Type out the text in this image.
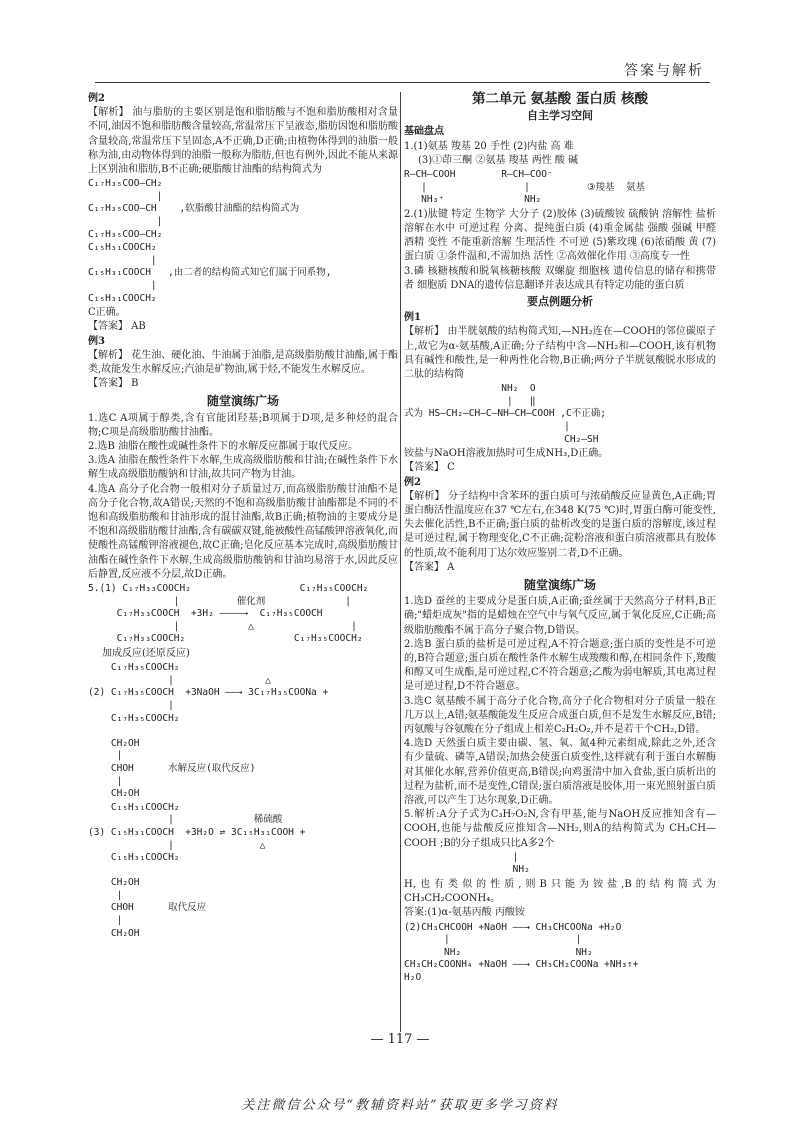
答案与解析

例2

【解析】 油与脂肪的主要区别是饱和脂肪酸与不饱和脂肪酸相对含量不同,油因不饱和脂肪酸含量较高,常温常压下呈液态,脂肪因饱和脂肪酸含量较高,常温常压下呈固态,A不正确,D正确;由植物体得到的油脂一般称为油,由动物体得到的油脂一般称为脂肪,但也有例外,因此不能从来源上区别油和脂肪,B不正确;硬脂酸甘油酯的结构简式为

C₁₇H₃₅COO—CH₂
|
C₁₇H₃₅COO—CH    ,软脂酸甘油酯的结构简式为
|
C₁₇H₃₅COO—CH₂
C₁₅H₃₁COOCH₂
|
C₁₅H₃₁COOCH   ,由二者的结构简式知它们属于同系物,
|
C₁₅H₃₁COOCH₂

C正确。

【答案】 AB

例3

【解析】 花生油、硬化油、牛油属于油脂,是高级脂肪酸甘油酯,属于酯类,故能发生水解反应;汽油是矿物油,属于烃,不能发生水解反应。

【答案】 B

随堂演练广场

1.选C A项属于醇类,含有官能团羟基;B项属于D项,是多种烃的混合物;C项是高级脂肪酸甘油酯。

2.选B 油脂在酸性或碱性条件下的水解反应都属于取代反应。

3.选A 油脂在酸性条件下水解,生成高级脂肪酸和甘油;在碱性条件下水解生成高级脂肪酸钠和甘油,故共同产物为甘油。

4.选A 高分子化合物一般相对分子质量过万,而高级脂肪酸甘油酯不是高分子化合物,故A错误;天然的不饱和高级脂肪酸甘油酯都是不同的不饱和高级脂肪酸和甘油形成的混甘油酯,故B正确;植物油的主要成分是不饱和高级脂肪酸甘油酯,含有碳碳双键,能被酸性高锰酸钾溶液氧化,而使酸性高锰酸钾溶液褪色,故C正确;皂化反应基本完成时,高级脂肪酸甘油酯在碱性条件下水解,生成高级脂肪酸钠和甘油均易溶于水,因此反应后静置,反应液不分层,故D正确。

5.(1) C₁₇H₃₃COOCH₂                   C₁₇H₃₅COOCH₂
|          催化剂              |
C₁₇H₃₃COOCH  +3H₂ ————→  C₁₇H₃₅COOCH
|            △                 |
C₁₇H₃₃COOCH₂                   C₁₇H₃₅COOCH₂

加成反应(还原反应)

C₁₇H₃₅COOCH₂
|                △
(2) C₁₇H₃₅COOCH  +3NaOH ——→ 3C₁₇H₃₅COONa +
|
C₁₇H₃₅COOCH₂

CH₂OH
|
CHOH      水解反应(取代反应)
|
CH₂OH
C₁₅H₃₁COOCH₂
|              稀硫酸
(3) C₁₅H₃₁COOCH  +3H₂O ⇌ 3C₁₅H₃₁COOH +
|               △
C₁₅H₃₁COOCH₂

CH₂OH
|
CHOH      取代反应
|
CH₂OH
第二单元 氨基酸 蛋白质 核酸
自主学习空间

基础盘点

1.(1)氨基 羧基 20 手性 (2)内盐 高 难

(3)①茚三酮 ②氨基 羧基 两性 酸 碱

R—CH—COOH        R—CH—COO⁻
|                 |          ③羧基  氨基
NH₃⁺              NH₂

2.(1)肽键 特定 生物学 大分子 (2)胶体 (3)硫酸铵 硫酸钠 溶解性 盐析 溶解在水中 可逆过程 分离、提纯蛋白质 (4)重金属盐 强酸 强碱 甲醛 酒精 变性 不能重新溶解 生理活性 不可逆 (5)紫玫瑰 (6)浓硝酸 黄 (7)蛋白质 ①条件温和,不需加热 活性 ②高效催化作用 ③高度专一性

3.磷 核糖核酸和脱氧核糖核酸 双螺旋 细胞核 遗传信息的储存和携带者 细胞质 DNA的遗传信息翻译并表达成具有特定功能的蛋白质

要点例题分析

例1

【解析】 由半胱氨酸的结构简式知,—NH₂连在—COOH的邻位碳原子上,故它为α-氨基酸,A正确;分子结构中含—NH₂和—COOH,该有机物具有碱性和酸性,是一种两性化合物,B正确;两分子半胱氨酸脱水形成的二肽的结构简

NH₂  O
|   ‖
式为 HS—CH₂—CH—C—NH—CH—COOH ,C不正确;
|
CH₂—SH

铵盐与NaOH溶液加热时可生成NH₃,D正确。

【答案】 C

例2

【解析】 分子结构中含苯环的蛋白质可与浓硝酸反应显黄色,A正确;胃蛋白酶活性温度应在37 ℃左右,在348 K(75 ℃)时,胃蛋白酶可能变性,失去催化活性,B不正确;蛋白质的盐析改变的是蛋白质的溶解度,该过程是可逆过程,属于物理变化,C不正确;淀粉溶液和蛋白质溶液都具有胶体的性质,故不能利用丁达尔效应鉴别二者,D不正确。

【答案】 A

随堂演练广场

1.选D 蚕丝的主要成分是蛋白质,A正确;蚕丝属于天然高分子材料,B正确;"蜡炬成灰"指的是蜡烛在空气中与氧气反应,属于氧化反应,C正确;高级脂肪酸酯不属于高分子聚合物,D错误。

2.选B 蛋白质的盐析是可逆过程,A不符合题意;蛋白质的变性是不可逆的,B符合题意;蛋白质在酸性条件水解生成羧酸和醇,在相同条件下,羧酸和醇又可生成酯,是可逆过程,C不符合题意;乙酸为弱电解质,其电离过程是可逆过程,D不符合题意。

3.选C 氨基酸不属于高分子化合物,高分子化合物相对分子质量一般在几万以上,A错;氨基酸能发生反应合成蛋白质,但不是发生水解反应,B错;丙氨酸与谷氨酸在分子组成上相差C₂H₂O₂,并不是若干个CH₂,D错。

4.选D 天然蛋白质主要由碳、氢、氧、氮4种元素组成,除此之外,还含有少量硫、磷等,A错误;加热会使蛋白质变性,这样就有利于蛋白水解酶对其催化水解,营养价值更高,B错误;向鸡蛋清中加入食盐,蛋白质析出的过程为盐析,而不是变性,C错误;蛋白质溶液是胶体,用一束光照射蛋白质溶液,可以产生丁达尔现象,D正确。

5.解析:A分子式为C₃H₇O₂N,含有甲基,能与NaOH反应推知含有—COOH,也能与盐酸反应推知含—NH₂,则A的结构简式为 CH₃CH—COOH ;B的分子组成只比A多2个

|
NH₂

H,也有类似的性质,则B只能为铵盐,B的结构简式为CH₃CH₂COONH₄。

答案:(1)α-氨基丙酸 丙酸铵

(2)CH₃CHCOOH +NaOH ——→ CH₃CHCOONa +H₂O
|                      |
NH₂                    NH₂
CH₃CH₂COONH₄ +NaOH ——→ CH₃CH₂COONa +NH₃↑+
H₂O
— 117 —
关注微信公众号“教辅资料站”获取更多学习资料
